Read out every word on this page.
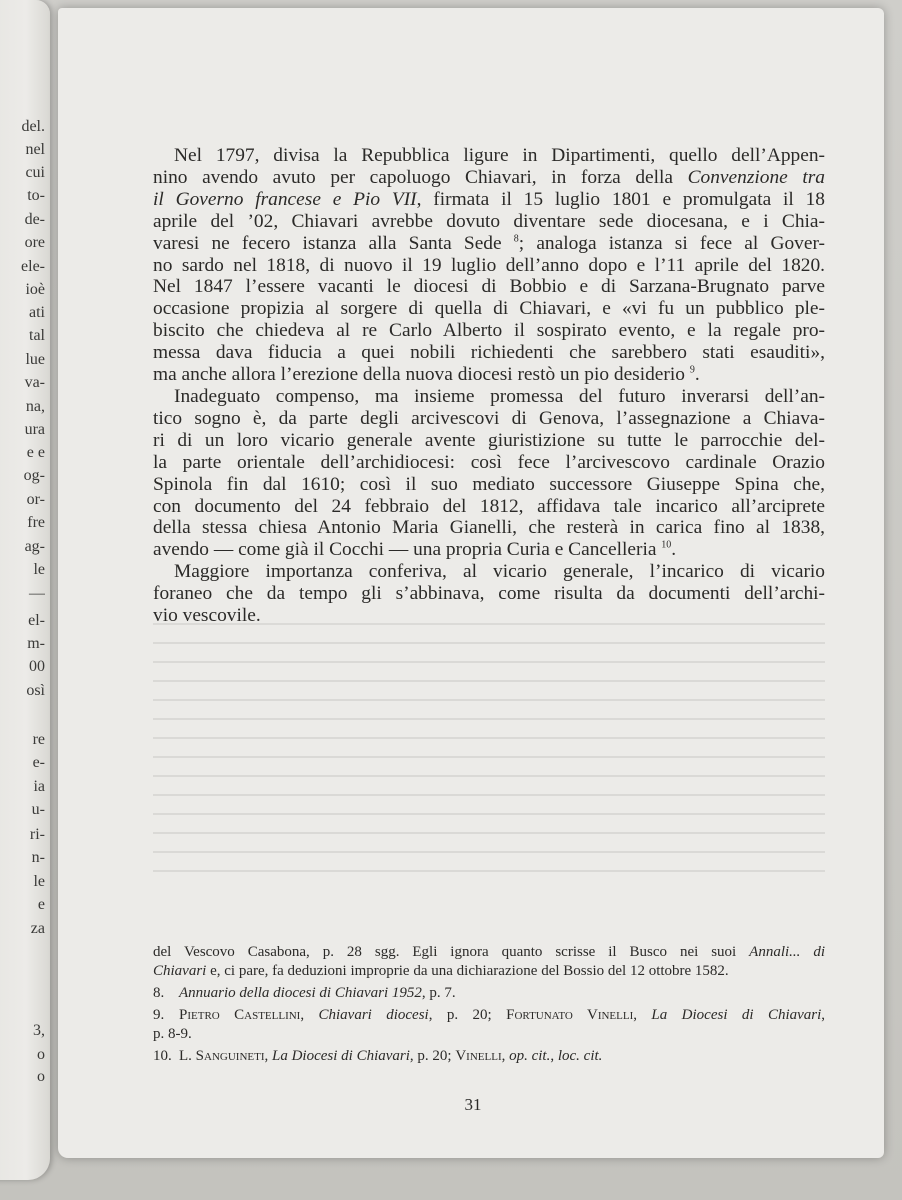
del.
nel
cui
to-
de-
ore
ele-
ioè
ati
tal
lue
va-
na,
ura
e e
og-
or-
fre
ag-
le
—
el-
m-
00
osì
re
e-
ia
u-
ri-
n-
le
e
za
3,
o
o
Nel 1797, divisa la Repubblica ligure in Dipartimenti, quello dell’Appen-
nino avendo avuto per capoluogo Chiavari, in forza della Convenzione tra
il Governo francese e Pio VII, firmata il 15 luglio 1801 e promulgata il 18
aprile del ’02, Chiavari avrebbe dovuto diventare sede diocesana, e i Chia-
varesi ne fecero istanza alla Santa Sede $^8$; analoga istanza si fece al Gover-
no sardo nel 1818, di nuovo il 19 luglio dell’anno dopo e l’11 aprile del 1820.
Nel 1847 l’essere vacanti le diocesi di Bobbio e di Sarzana-Brugnato parve
occasione propizia al sorgere di quella di Chiavari, e «vi fu un pubblico ple-
biscito che chiedeva al re Carlo Alberto il sospirato evento, e la regale pro-
messa dava fiducia a quei nobili richiedenti che sarebbero stati esauditi»,
ma anche allora l’erezione della nuova diocesi restò un pio desiderio $^9$.
Inadeguato compenso, ma insieme promessa del futuro inverarsi dell’an-
tico sogno è, da parte degli arcivescovi di Genova, l’assegnazione a Chiava-
ri di un loro vicario generale avente giuristizione su tutte le parrocchie del-
la parte orientale dell’archidiocesi: così fece l’arcivescovo cardinale Orazio
Spinola fin dal 1610; così il suo mediato successore Giuseppe Spina che,
con documento del 24 febbraio del 1812, affidava tale incarico all’arciprete
della stessa chiesa Antonio Maria Gianelli, che resterà in carica fino al 1838,
avendo — come già il Cocchi — una propria Curia e Cancelleria $^{10}$.
Maggiore importanza conferiva, al vicario generale, l’incarico di vicario
foraneo che da tempo gli s’abbinava, come risulta da documenti dell’archi-
vio vescovile.
del Vescovo Casabona, p. 28 sgg. Egli ignora quanto scrisse il Busco nei suoi Annali... di
Chiavari e, ci pare, fa deduzioni improprie da una dichiarazione del Bossio del 12 ottobre 1582.
8. Annuario della diocesi di Chiavari 1952, p. 7.
9. Pietro Castellini, Chiavari diocesi, p. 20; Fortunato Vinelli, La Diocesi di Chiavari,
p. 8-9.
10. L. Sanguineti, La Diocesi di Chiavari, p. 20; Vinelli, op. cit., loc. cit.
31
